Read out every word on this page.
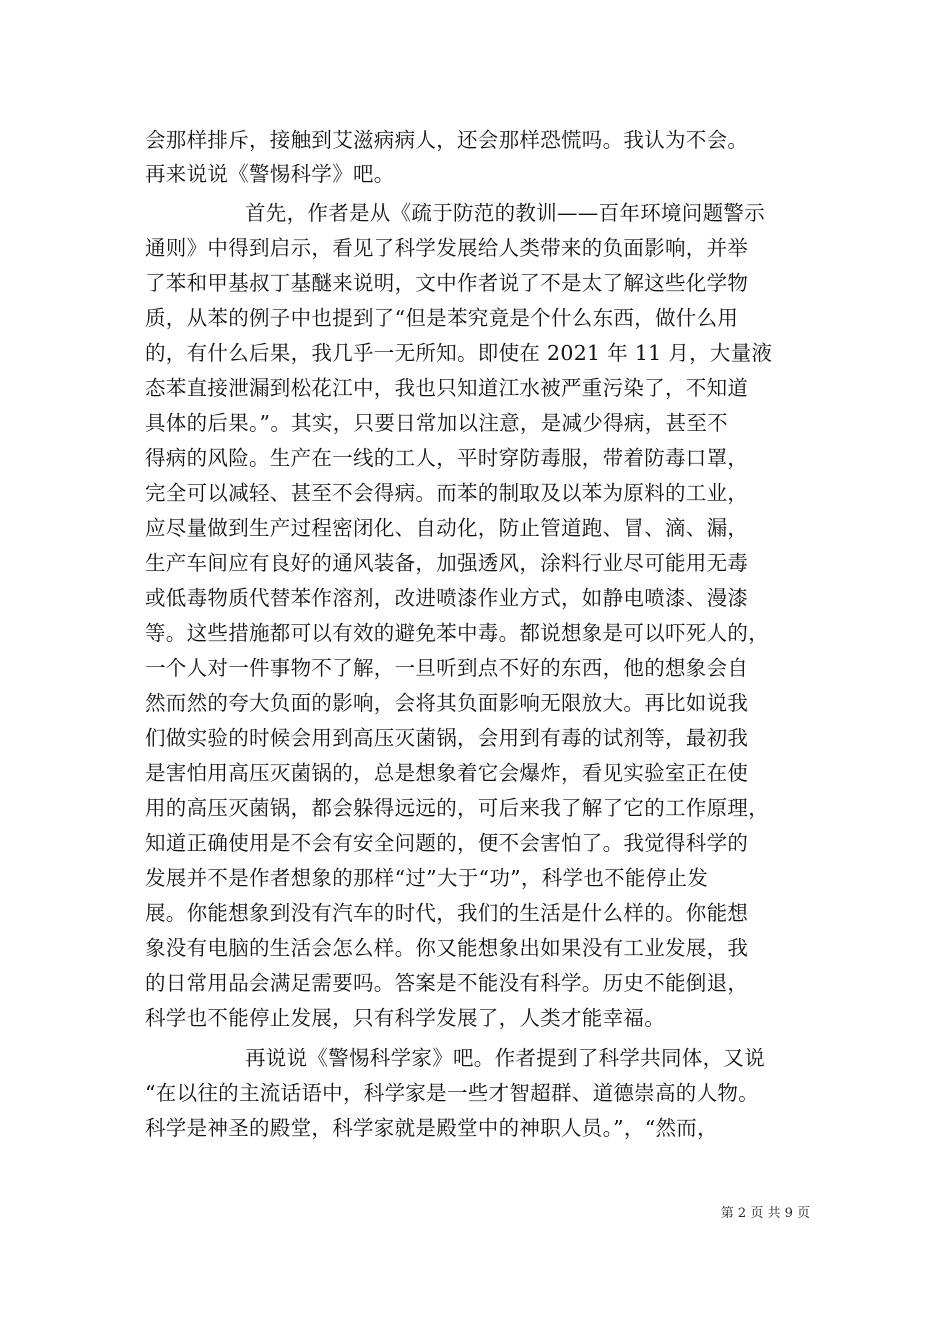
会那样排斥，接触到艾滋病病人，还会那样恐慌吗。我认为不会。
再来说说《警惕科学》吧。
首先，作者是从《疏于防范的教训——百年环境问题警示
通则》中得到启示，看见了科学发展给人类带来的负面影响，并举
了苯和甲基叔丁基醚来说明，文中作者说了不是太了解这些化学物
质，从苯的例子中也提到了“但是苯究竟是个什么东西，做什么用
的，有什么后果，我几乎一无所知。即使在 2021 年 11 月，大量液
态苯直接泄漏到松花江中，我也只知道江水被严重污染了，不知道
具体的后果。”。其实，只要日常加以注意，是减少得病，甚至不
得病的风险。生产在一线的工人，平时穿防毒服，带着防毒口罩，
完全可以减轻、甚至不会得病。而苯的制取及以苯为原料的工业，
应尽量做到生产过程密闭化、自动化，防止管道跑、冒、滴、漏，
生产车间应有良好的通风装备，加强透风，涂料行业尽可能用无毒
或低毒物质代替苯作溶剂，改进喷漆作业方式，如静电喷漆、漫漆
等。这些措施都可以有效的避免苯中毒。都说想象是可以吓死人的，
一个人对一件事物不了解，一旦听到点不好的东西，他的想象会自
然而然的夸大负面的影响，会将其负面影响无限放大。再比如说我
们做实验的时候会用到高压灭菌锅，会用到有毒的试剂等，最初我
是害怕用高压灭菌锅的，总是想象着它会爆炸，看见实验室正在使
用的高压灭菌锅，都会躲得远远的，可后来我了解了它的工作原理，
知道正确使用是不会有安全问题的，便不会害怕了。我觉得科学的
发展并不是作者想象的那样“过”大于“功”，科学也不能停止发
展。你能想象到没有汽车的时代，我们的生活是什么样的。你能想
象没有电脑的生活会怎么样。你又能想象出如果没有工业发展，我
的日常用品会满足需要吗。答案是不能没有科学。历史不能倒退，
科学也不能停止发展，只有科学发展了，人类才能幸福。
再说说《警惕科学家》吧。作者提到了科学共同体，又说
“在以往的主流话语中，科学家是一些才智超群、道德崇高的人物。
科学是神圣的殿堂，科学家就是殿堂中的神职人员。”，“然而，
第 2 页 共 9 页
